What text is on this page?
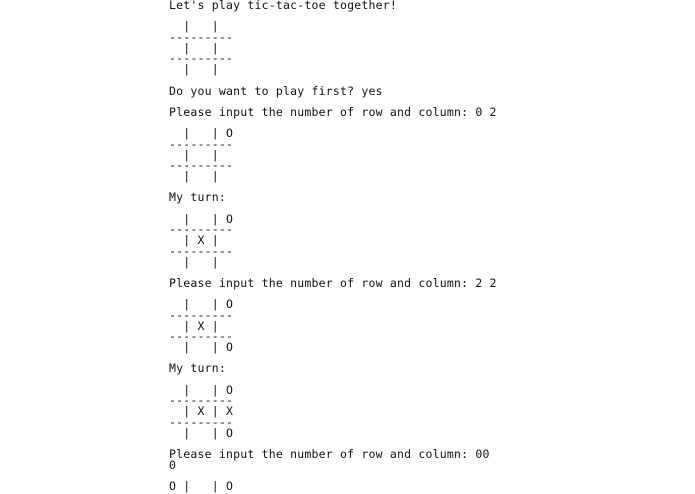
Let's play tic-tac-toe together!
|   |
---------
|   |
---------
|   |
Do you want to play first? yes
Please input the number of row and column: 0 2
|   | O
---------
|   |
---------
|   |
My turn:
|   | O
---------
| X |
---------
|   |
Please input the number of row and column: 2 2
|   | O
---------
| X |
---------
|   | O
My turn:
|   | O
---------
| X | X
---------
|   | O
Please input the number of row and column: 00
0
O |   | O
